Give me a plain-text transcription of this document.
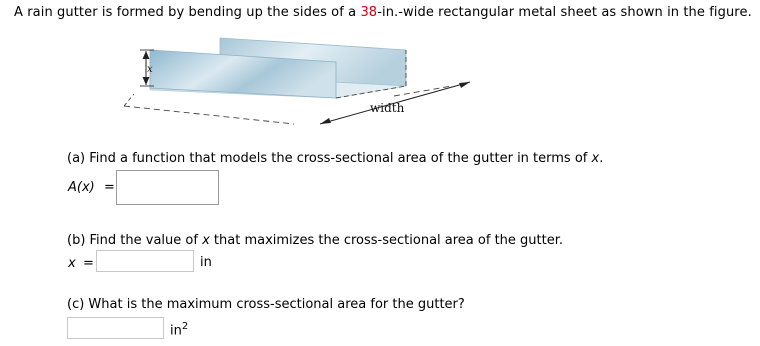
A rain gutter is formed by bending up the sides of a 38-in.-wide rectangular metal sheet as shown in the figure.
width
x
(a) Find a function that models the cross-sectional area of the gutter in terms of x.
A(x) =
(b) Find the value of x that maximizes the cross-sectional area of the gutter.
x =	in
(c) What is the maximum cross-sectional area for the gutter?
$in^2$
